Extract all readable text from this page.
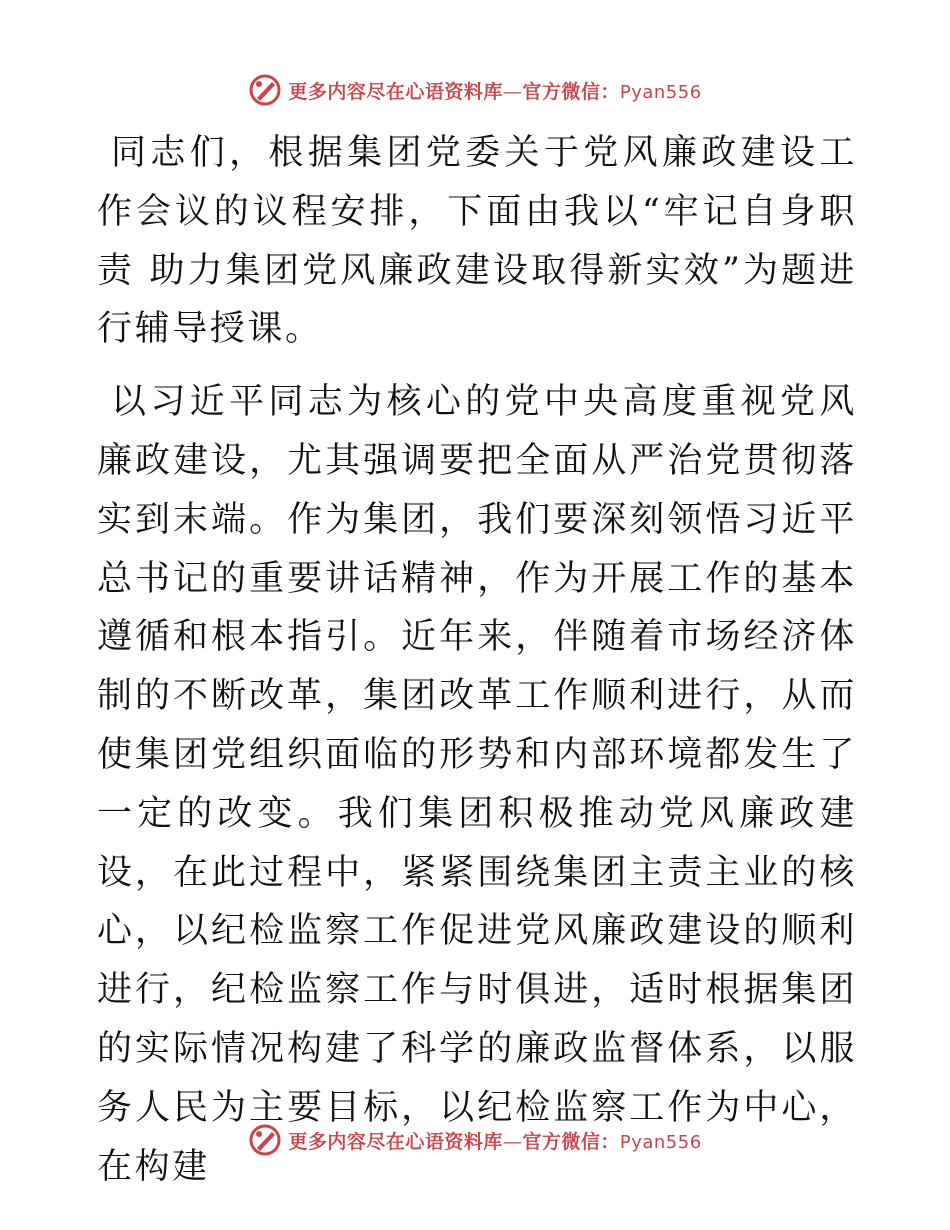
更多内容尽在心语资料库—官方微信：Pyan556

同志们，根据集团党委关于党风廉政建设工作会议的议程安排，下面由我以“牢记自身职责 助力集团党风廉政建设取得新实效”为题进行辅导授课。

以习近平同志为核心的党中央高度重视党风廉政建设，尤其强调要把全面从严治党贯彻落实到末端。作为集团，我们要深刻领悟习近平总书记的重要讲话精神，作为开展工作的基本遵循和根本指引。近年来，伴随着市场经济体制的不断改革，集团改革工作顺利进行，从而使集团党组织面临的形势和内部环境都发生了一定的改变。我们集团积极推动党风廉政建设，在此过程中，紧紧围绕集团主责主业的核心，以纪检监察工作促进党风廉政建设的顺利进行，纪检监察工作与时俱进，适时根据集团的实际情况构建了科学的廉政监督体系，以服务人民为主要目标，以纪检监察工作为中心，在构建

更多内容尽在心语资料库—官方微信：Pyan556
